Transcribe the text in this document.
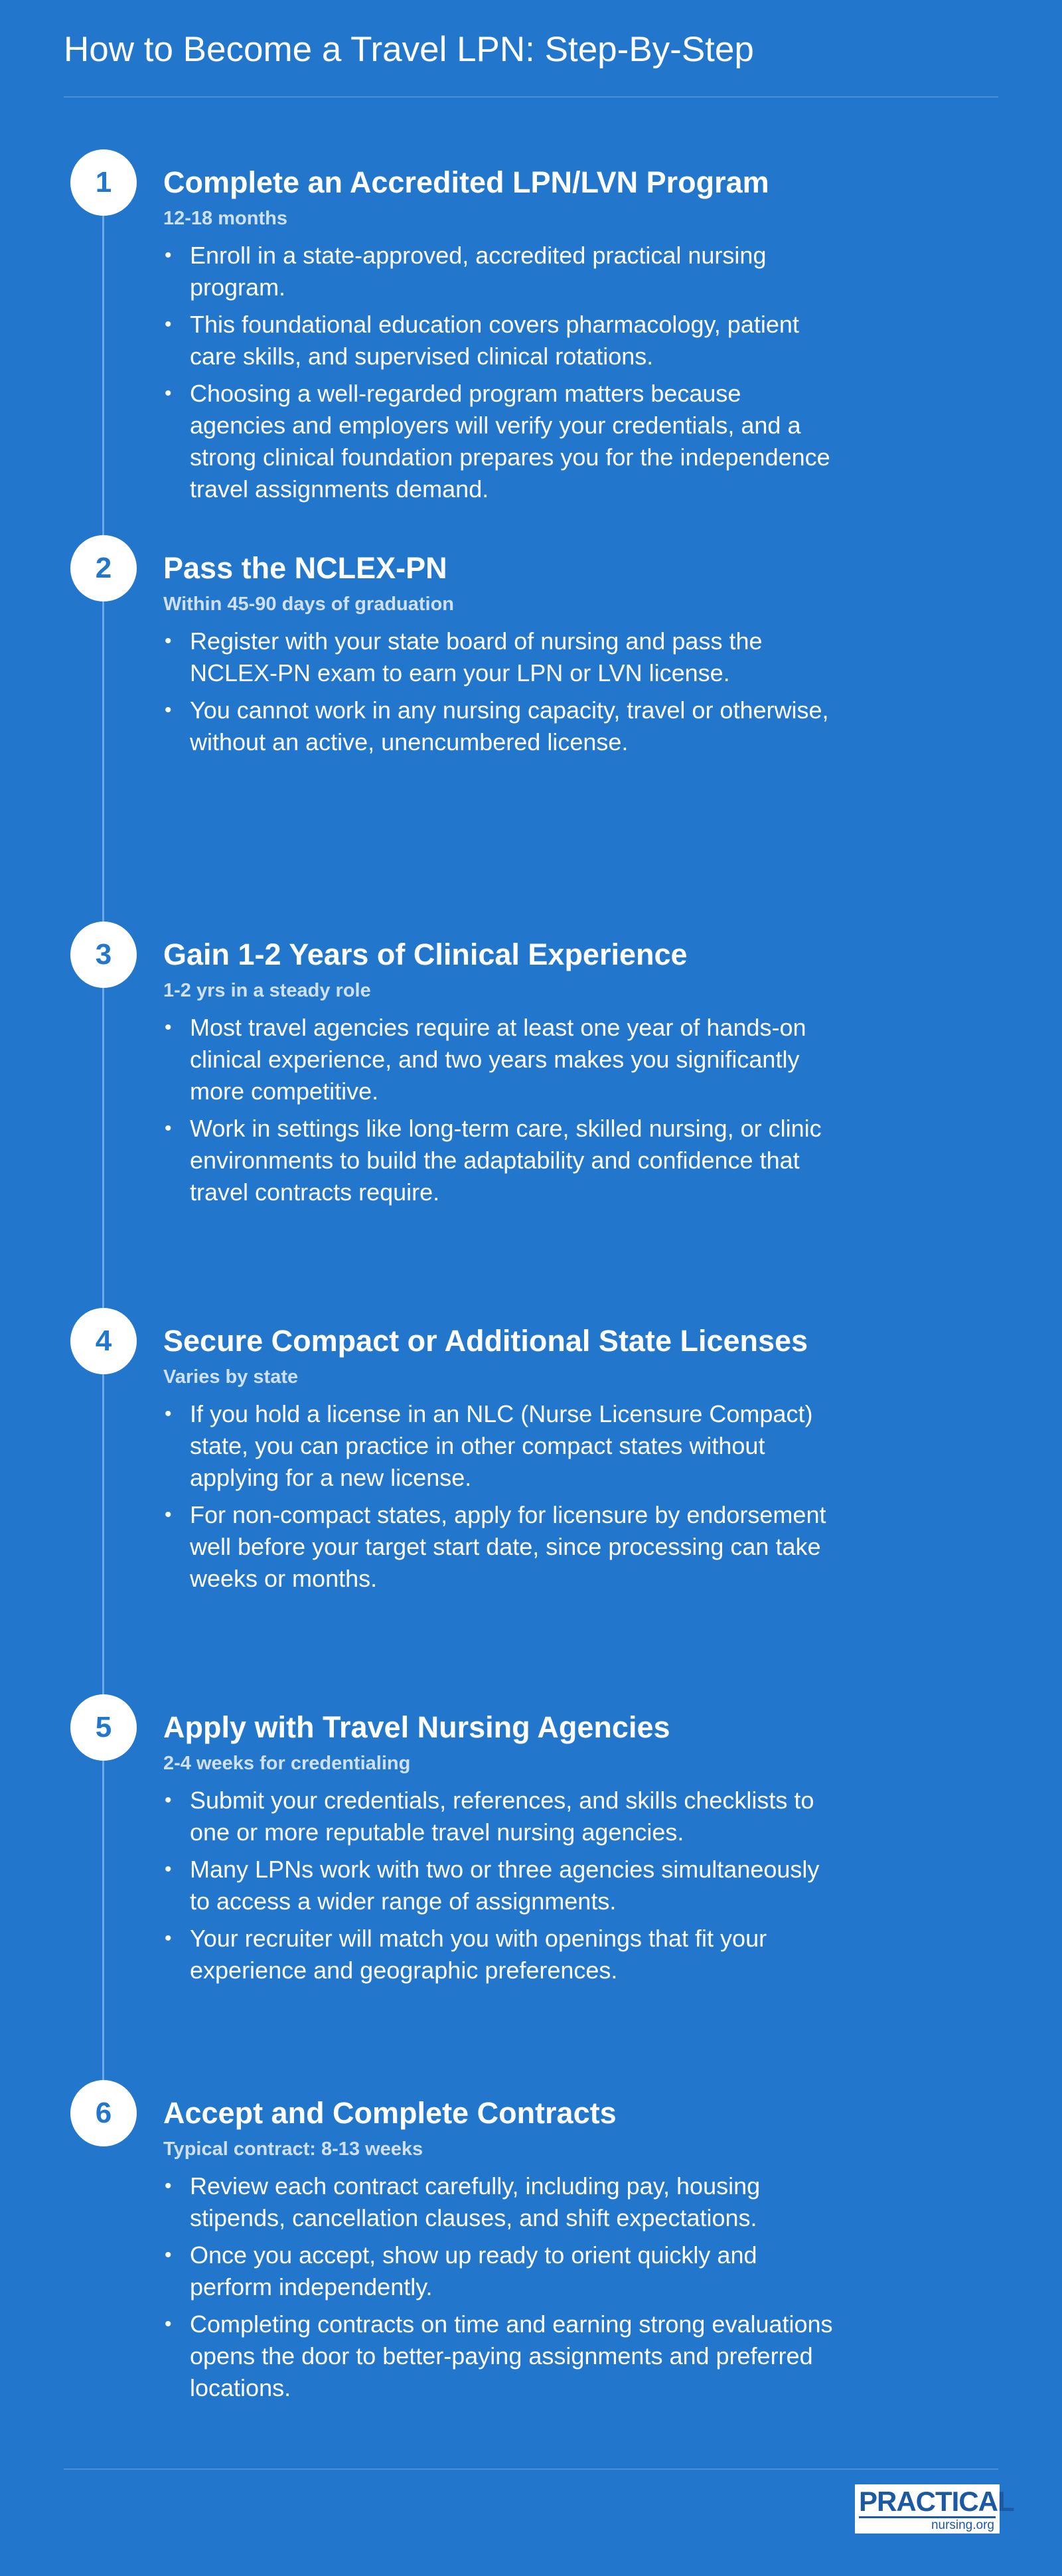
How to Become a Travel LPN: Step-By-Step
1	Complete an Accredited LPN/LVN Program

12-18 months

• Enroll in a state-approved, accredited practical nursing program.
• This foundational education covers pharmacology, patient care skills, and supervised clinical rotations.
• Choosing a well-regarded program matters because agencies and employers will verify your credentials, and a strong clinical foundation prepares you for the independence travel assignments demand.
2	Pass the NCLEX-PN

Within 45-90 days of graduation

• Register with your state board of nursing and pass the NCLEX-PN exam to earn your LPN or LVN license.
• You cannot work in any nursing capacity, travel or otherwise, without an active, unencumbered license.
3	Gain 1-2 Years of Clinical Experience

1-2 yrs in a steady role

• Most travel agencies require at least one year of hands-on clinical experience, and two years makes you significantly more competitive.
• Work in settings like long-term care, skilled nursing, or clinic environments to build the adaptability and confidence that travel contracts require.
4	Secure Compact or Additional State Licenses

Varies by state

• If you hold a license in an NLC (Nurse Licensure Compact) state, you can practice in other compact states without applying for a new license.
• For non-compact states, apply for licensure by endorsement well before your target start date, since processing can take weeks or months.
5	Apply with Travel Nursing Agencies

2-4 weeks for credentialing

• Submit your credentials, references, and skills checklists to one or more reputable travel nursing agencies.
• Many LPNs work with two or three agencies simultaneously to access a wider range of assignments.
• Your recruiter will match you with openings that fit your experience and geographic preferences.
6	Accept and Complete Contracts

Typical contract: 8-13 weeks

• Review each contract carefully, including pay, housing stipends, cancellation clauses, and shift expectations.
• Once you accept, show up ready to orient quickly and perform independently.
• Completing contracts on time and earning strong evaluations opens the door to better-paying assignments and preferred locations.
PRACTICAL
nursing.org
